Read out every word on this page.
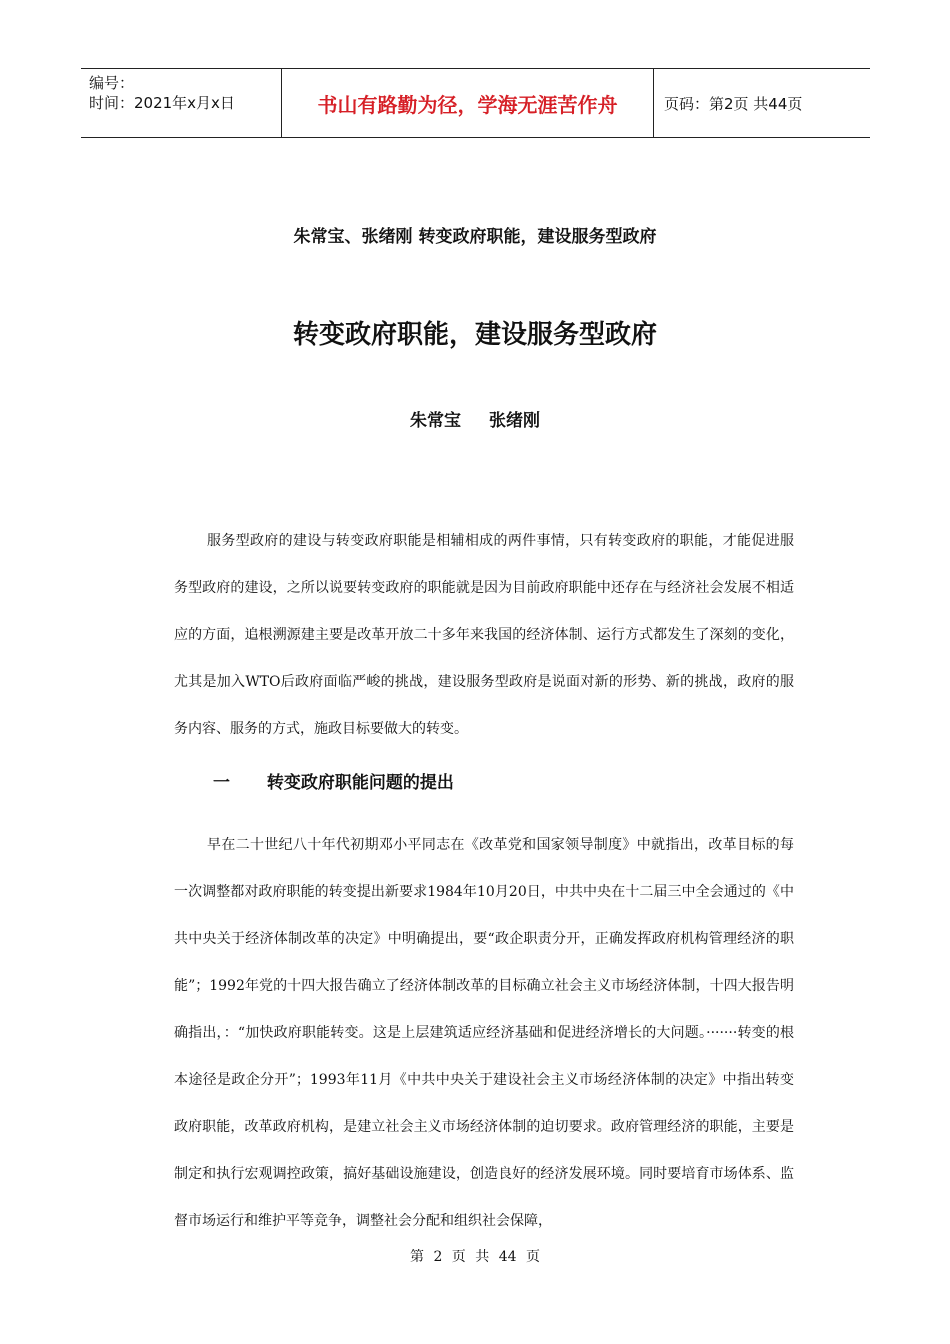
编号：
时间：2021年x月x日	书山有路勤为径，学海无涯苦作舟	页码：第2页 共44页
朱常宝、张绪刚 转变政府职能，建设服务型政府
转变政府职能，建设服务型政府
朱常宝 张绪刚

服务型政府的建设与转变政府职能是相辅相成的两件事情，只有转变政府的职能，才能促进服务型政府的建设，之所以说要转变政府的职能就是因为目前政府职能中还存在与经济社会发展不相适应的方面，追根溯源建主要是改革开放二十多年来我国的经济体制、运行方式都发生了深刻的变化，尤其是加入WTO后政府面临严峻的挑战，建设服务型政府是说面对新的形势、新的挑战，政府的服务内容、服务的方式，施政目标要做大的转变。

一 转变政府职能问题的提出

早在二十世纪八十年代初期邓小平同志在《改革党和国家领导制度》中就指出，改革目标的每一次调整都对政府职能的转变提出新要求1984年10月20日，中共中央在十二届三中全会通过的《中共中央关于经济体制改革的决定》中明确提出，要“政企职责分开，正确发挥政府机构管理经济的职能”；1992年党的十四大报告确立了经济体制改革的目标确立社会主义市场经济体制，十四大报告明确指出，：“加快政府职能转变。这是上层建筑适应经济基础和促进经济增长的大问题。·······转变的根本途径是政企分开”；1993年11月《中共中央关于建设社会主义市场经济体制的决定》中指出转变政府职能，改革政府机构，是建立社会主义市场经济体制的迫切要求。政府管理经济的职能，主要是制定和执行宏观调控政策，搞好基础设施建设，创造良好的经济发展环境。同时要培育市场体系、监督市场运行和维护平等竞争，调整社会分配和组织社会保障，

第 2 页 共 44 页
